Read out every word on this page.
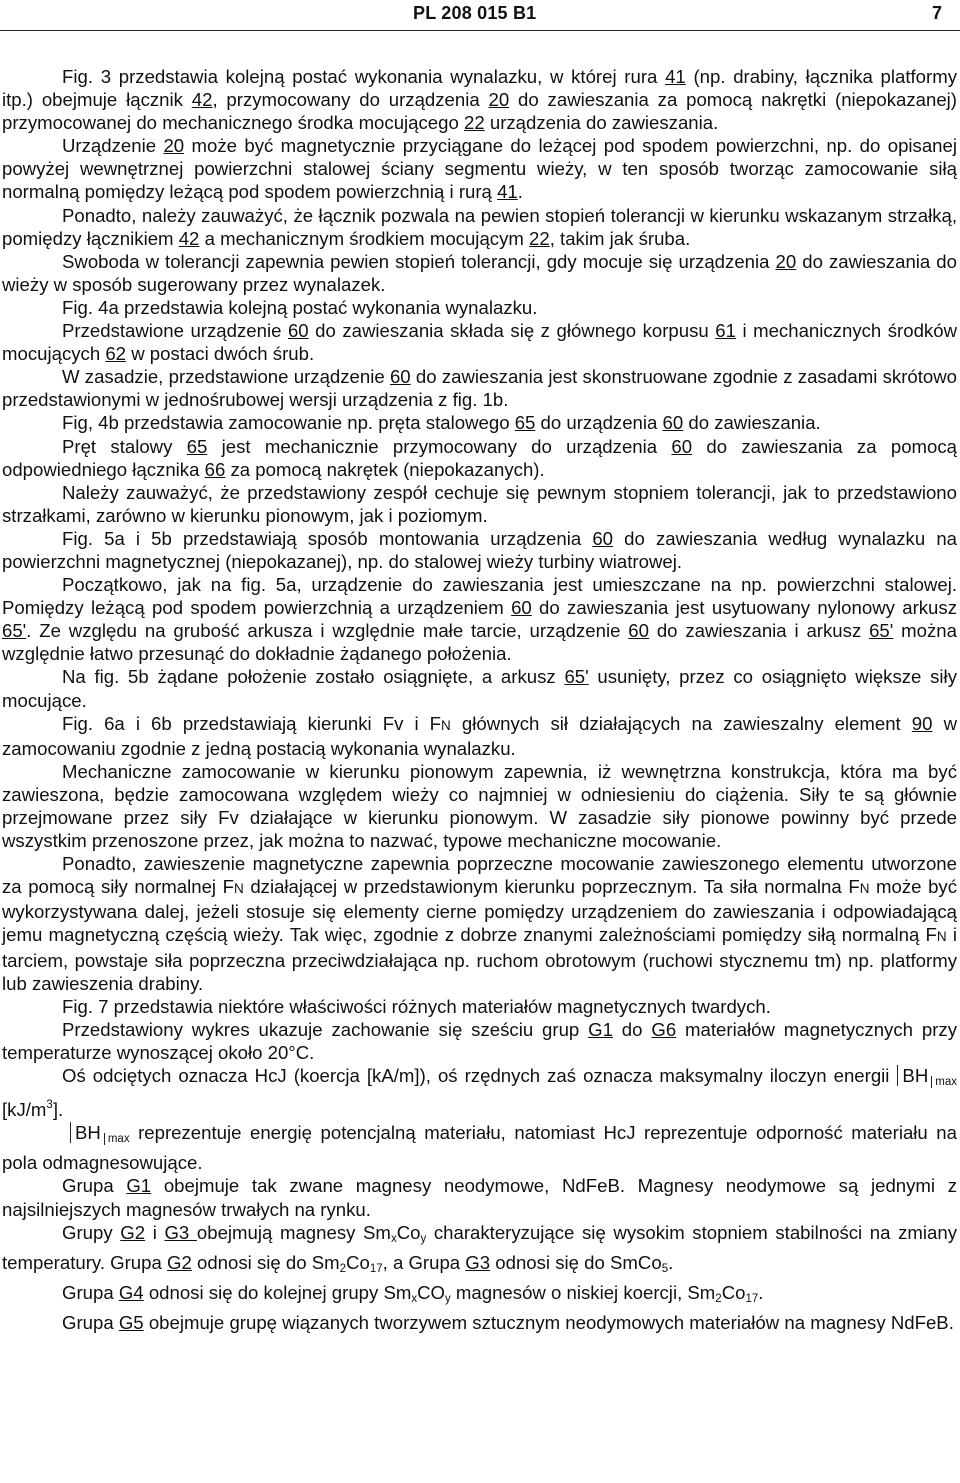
PL 208 015 B1	7

Fig. 3 przedstawia kolejną postać wykonania wynalazku, w której rura 41 (np. drabiny, łącznika platformy itp.) obejmuje łącznik 42, przymocowany do urządzenia 20 do zawieszania za pomocą nakrętki (niepokazanej) przymocowanej do mechanicznego środka mocującego 22 urządzenia do zawieszania.

Urządzenie 20 może być magnetycznie przyciągane do leżącej pod spodem powierzchni, np. do opisanej powyżej wewnętrznej powierzchni stalowej ściany segmentu wieży, w ten sposób tworząc zamocowanie siłą normalną pomiędzy leżącą pod spodem powierzchnią i rurą 41.

Ponadto, należy zauważyć, że łącznik pozwala na pewien stopień tolerancji w kierunku wskazanym strzałką, pomiędzy łącznikiem 42 a mechanicznym środkiem mocującym 22, takim jak śruba.

Swoboda w tolerancji zapewnia pewien stopień tolerancji, gdy mocuje się urządzenia 20 do zawieszania do wieży w sposób sugerowany przez wynalazek.

Fig. 4a przedstawia kolejną postać wykonania wynalazku.

Przedstawione urządzenie 60 do zawieszania składa się z głównego korpusu 61 i mechanicznych środków mocujących 62 w postaci dwóch śrub.

W zasadzie, przedstawione urządzenie 60 do zawieszania jest skonstruowane zgodnie z zasadami skrótowo przedstawionymi w jednośrubowej wersji urządzenia z fig. 1b.

Fig, 4b przedstawia zamocowanie np. pręta stalowego 65 do urządzenia 60 do zawieszania.

Pręt stalowy 65 jest mechanicznie przymocowany do urządzenia 60 do zawieszania za pomocą odpowiedniego łącznika 66 za pomocą nakrętek (niepokazanych).

Należy zauważyć, że przedstawiony zespół cechuje się pewnym stopniem tolerancji, jak to przedstawiono strzałkami, zarówno w kierunku pionowym, jak i poziomym.

Fig. 5a i 5b przedstawiają sposób montowania urządzenia 60 do zawieszania według wynalazku na powierzchni magnetycznej (niepokazanej), np. do stalowej wieży turbiny wiatrowej.

Początkowo, jak na fig. 5a, urządzenie do zawieszania jest umieszczane na np. powierzchni stalowej. Pomiędzy leżącą pod spodem powierzchnią a urządzeniem 60 do zawieszania jest usytuowany nylonowy arkusz 65'. Ze względu na grubość arkusza i względnie małe tarcie, urządzenie 60 do zawieszania i arkusz 65' można względnie łatwo przesunąć do dokładnie żądanego położenia.

Na fig. 5b żądane położenie zostało osiągnięte, a arkusz 65' usunięty, przez co osiągnięto większe siły mocujące.

Fig. 6a i 6b przedstawiają kierunki Fv i FN głównych sił działających na zawieszalny element 90 w zamocowaniu zgodnie z jedną postacią wykonania wynalazku.

Mechaniczne zamocowanie w kierunku pionowym zapewnia, iż wewnętrzna konstrukcja, która ma być zawieszona, będzie zamocowana względem wieży co najmniej w odniesieniu do ciążenia. Siły te są głównie przejmowane przez siły Fv działające w kierunku pionowym. W zasadzie siły pionowe powinny być przede wszystkim przenoszone przez, jak można to nazwać, typowe mechaniczne mocowanie.

Ponadto, zawieszenie magnetyczne zapewnia poprzeczne mocowanie zawieszonego elementu utworzone za pomocą siły normalnej FN działającej w przedstawionym kierunku poprzecznym. Ta siła normalna FN może być wykorzystywana dalej, jeżeli stosuje się elementy cierne pomiędzy urządzeniem do zawieszania i odpowiadającą jemu magnetyczną częścią wieży. Tak więc, zgodnie z dobrze znanymi zależnościami pomiędzy siłą normalną FN i tarciem, powstaje siła poprzeczna przeciwdziałająca np. ruchom obrotowym (ruchowi stycznemu tm) np. platformy lub zawieszenia drabiny.

Fig. 7 przedstawia niektóre właściwości różnych materiałów magnetycznych twardych.

Przedstawiony wykres ukazuje zachowanie się sześciu grup G1 do G6 materiałów magnetycznych przy temperaturze wynoszącej około 20°C.

Oś odciętych oznacza HcJ (koercja [kA/m]), oś rzędnych zaś oznacza maksymalny iloczyn energii BH $_{max}$ $[kJ/m^3]$.

BH $_{max}$ reprezentuje energię potencjalną materiału, natomiast HcJ reprezentuje odporność materiału na pola odmagnesowujące.

Grupa G1 obejmuje tak zwane magnesy neodymowe, NdFeB. Magnesy neodymowe są jednymi z najsilniejszych magnesów trwałych na rynku.

Grupy G2 i G3 obejmują magnesy $Sm_xCo_y$ charakteryzujące się wysokim stopniem stabilności na zmiany temperatury. Grupa G2 odnosi się do $Sm_2Co_{17}$, a Grupa G3 odnosi się do SmCo$_5$.

Grupa G4 odnosi się do kolejnej grupy $Sm_xCO_y$ magnesów o niskiej koercji, $Sm_2Co_{17}$.

Grupa G5 obejmuje grupę wiązanych tworzywem sztucznym neodymowych materiałów na magnesy NdFeB.
